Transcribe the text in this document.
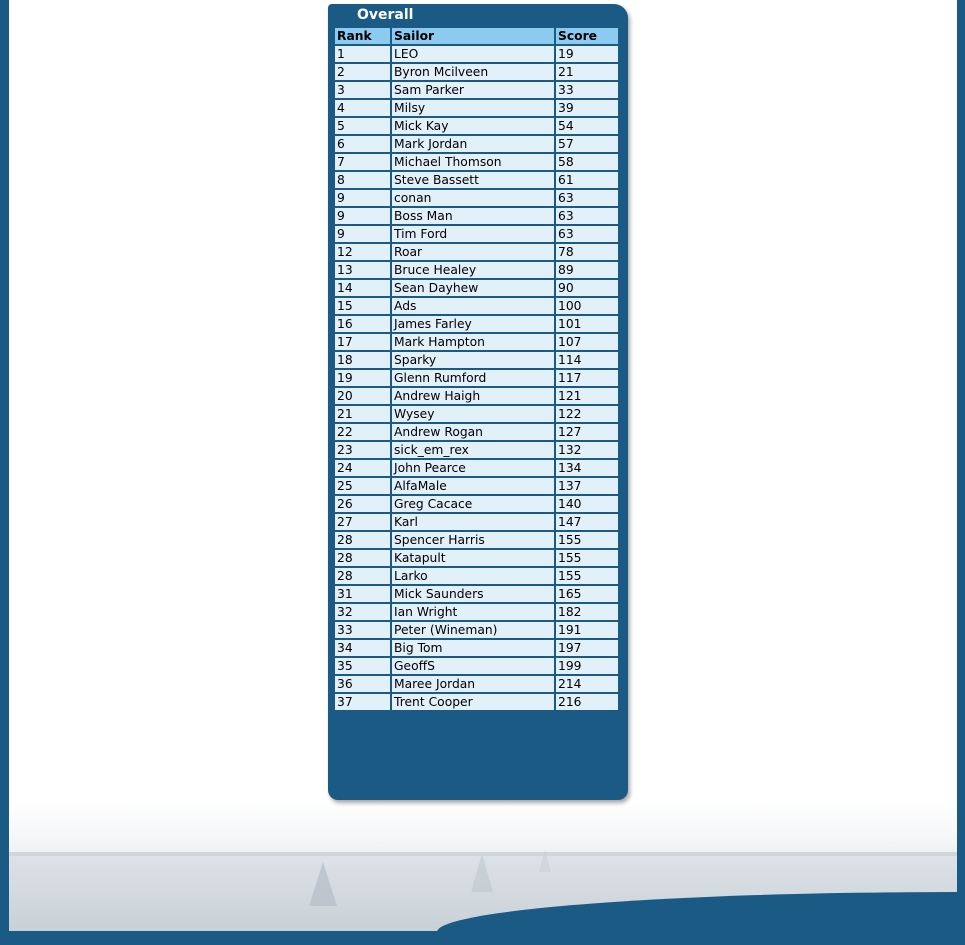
Overall
Rank	Sailor	Score
1	LEO	19
2	Byron Mcilveen	21
3	Sam Parker	33
4	Milsy	39
5	Mick Kay	54
6	Mark Jordan	57
7	Michael Thomson	58
8	Steve Bassett	61
9	conan	63
9	Boss Man	63
9	Tim Ford	63
12	Roar	78
13	Bruce Healey	89
14	Sean Dayhew	90
15	Ads	100
16	James Farley	101
17	Mark Hampton	107
18	Sparky	114
19	Glenn Rumford	117
20	Andrew Haigh	121
21	Wysey	122
22	Andrew Rogan	127
23	sick_em_rex	132
24	John Pearce	134
25	AlfaMale	137
26	Greg Cacace	140
27	Karl	147
28	Spencer Harris	155
28	Katapult	155
28	Larko	155
31	Mick Saunders	165
32	Ian Wright	182
33	Peter (Wineman)	191
34	Big Tom	197
35	GeoffS	199
36	Maree Jordan	214
37	Trent Cooper	216
